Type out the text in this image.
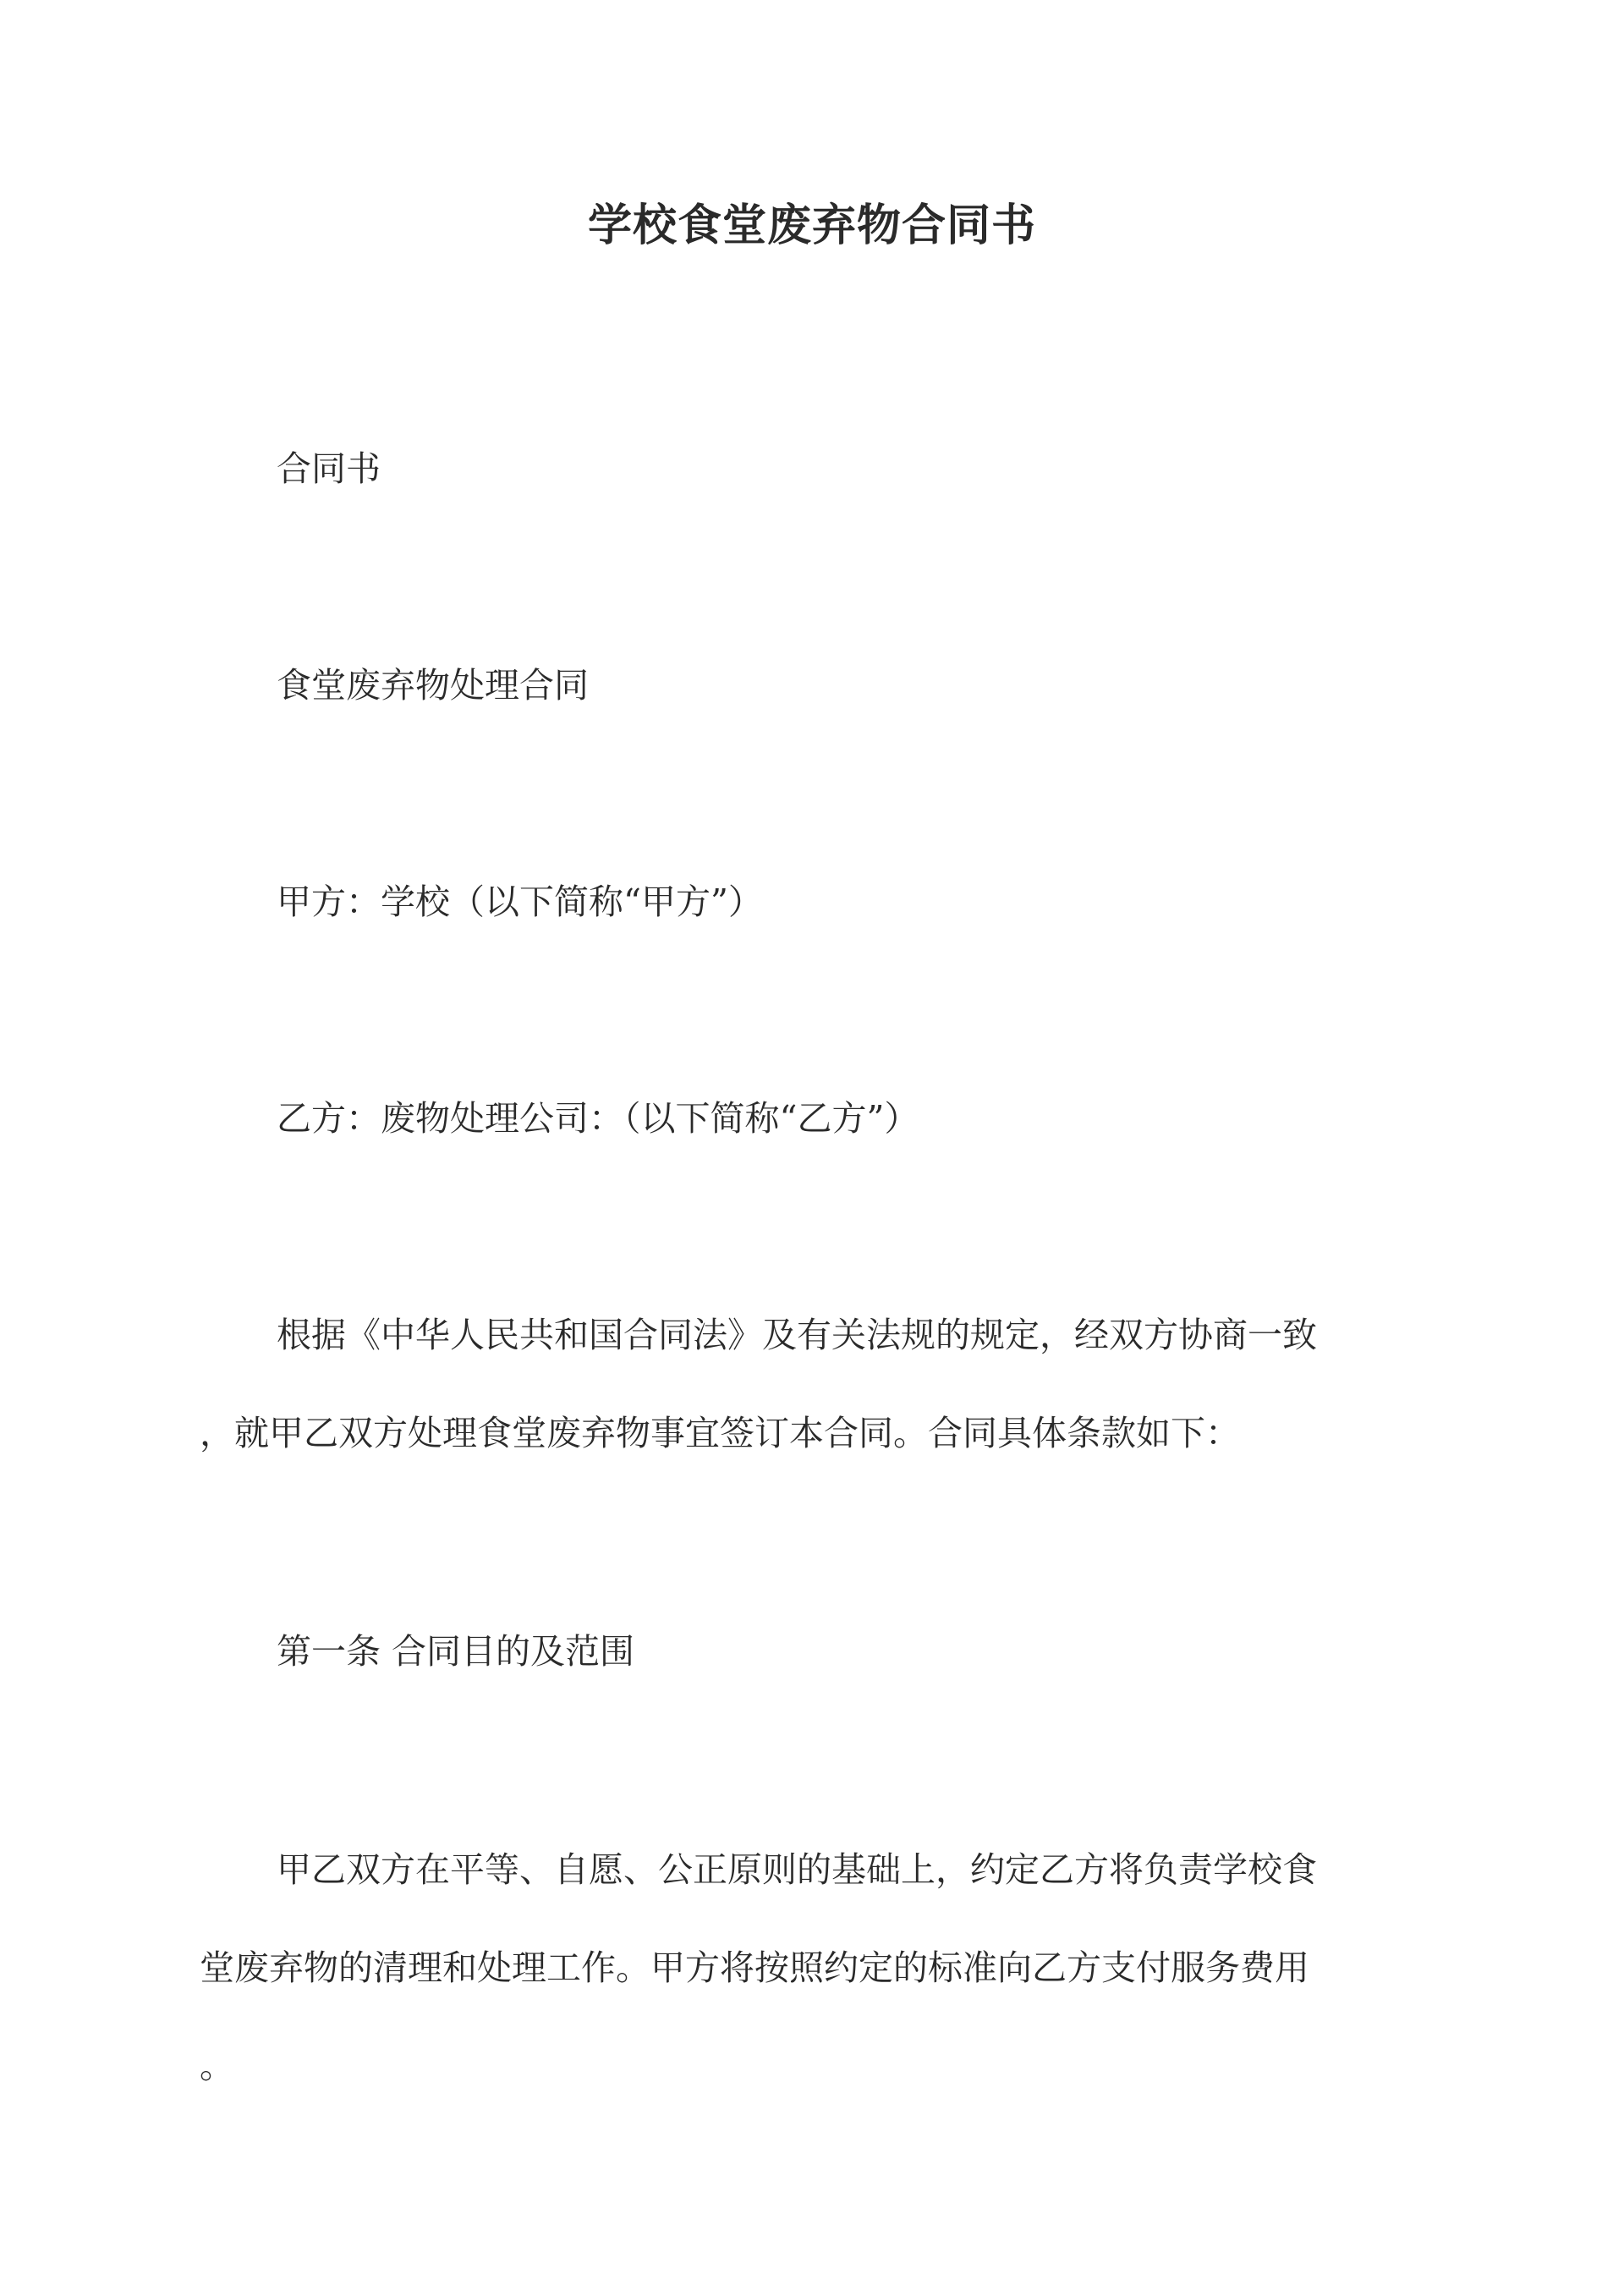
学校食堂废弃物合同书

合同书

食堂废弃物处理合同

甲方：学校（以下简称“甲方”）

乙方：废物处理公司：（以下简称“乙方”）

根据《中华人民共和国合同法》及有关法规的规定，经双方协商一致

，就甲乙双方处理食堂废弃物事宜签订本合同。合同具体条款如下：

第一条 合同目的及范围

甲乙双方在平等、自愿、公正原则的基础上，约定乙方将负责学校食

堂废弃物的清理和处理工作。甲方将按照约定的标准向乙方支付服务费用

。
